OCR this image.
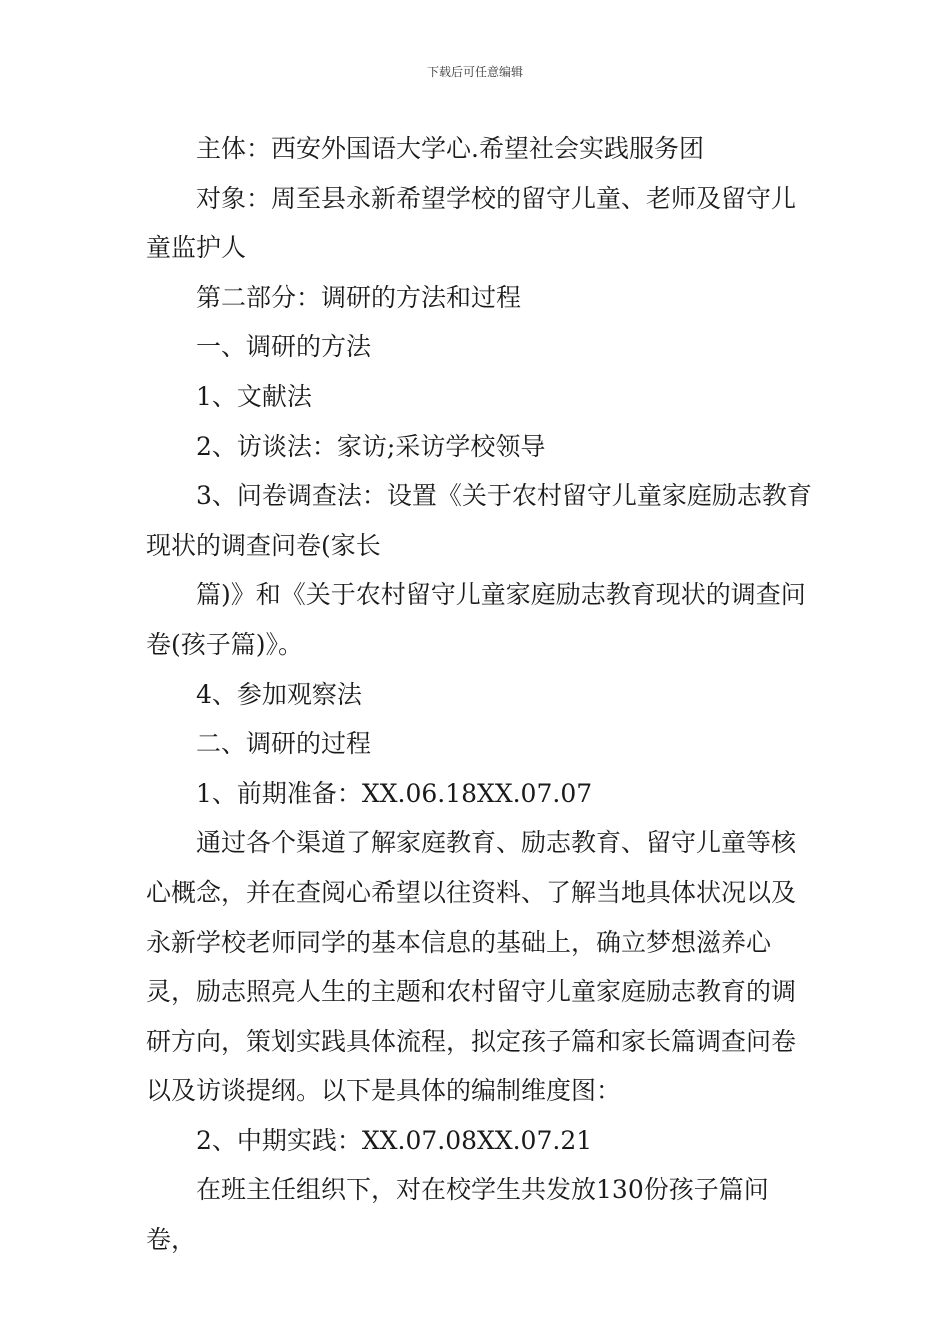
下载后可任意编辑

主体：西安外国语大学心.希望社会实践服务团

对象：周至县永新希望学校的留守儿童、老师及留守儿童监护人

第二部分：调研的方法和过程

一、调研的方法

1、文献法

2、访谈法：家访;采访学校领导

3、问卷调查法：设置《关于农村留守儿童家庭励志教育现状的调查问卷(家长

篇)》和《关于农村留守儿童家庭励志教育现状的调查问卷(孩子篇)》。

4、参加观察法

二、调研的过程

1、前期准备：XX.06.18XX.07.07

通过各个渠道了解家庭教育、励志教育、留守儿童等核心概念，并在查阅心希望以往资料、了解当地具体状况以及永新学校老师同学的基本信息的基础上，确立梦想滋养心灵，励志照亮人生的主题和农村留守儿童家庭励志教育的调研方向，策划实践具体流程，拟定孩子篇和家长篇调查问卷以及访谈提纲。以下是具体的编制维度图：

2、中期实践：XX.07.08XX.07.21

在班主任组织下，对在校学生共发放130份孩子篇问卷，
